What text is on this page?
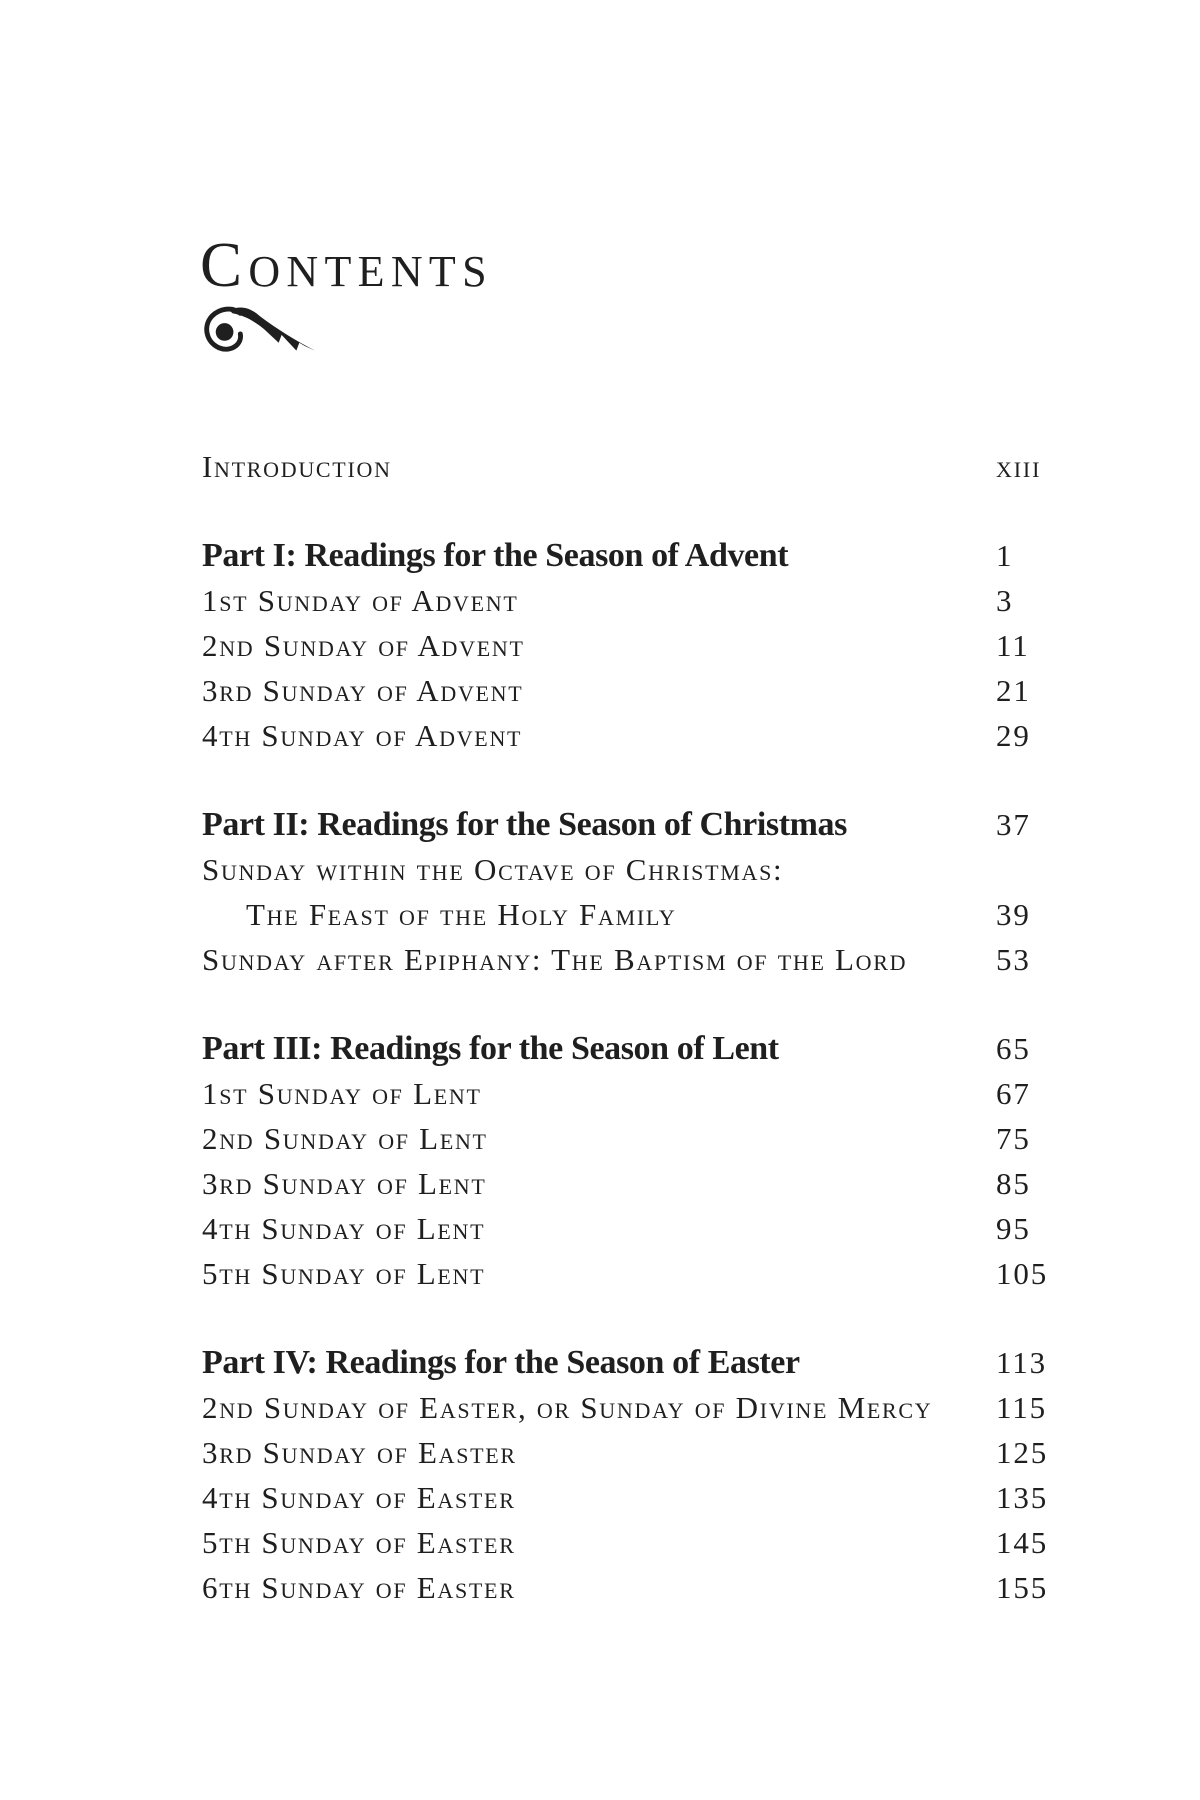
Contents
Introduction	xiii
Part I: Readings for the Season of Advent	1
1st Sunday of Advent	3
2nd Sunday of Advent	11
3rd Sunday of Advent	21
4th Sunday of Advent	29
Part II: Readings for the Season of Christmas	37
Sunday within the Octave of Christmas:
The Feast of the Holy Family	39
Sunday after Epiphany: The Baptism of the Lord	53
Part III: Readings for the Season of Lent	65
1st Sunday of Lent	67
2nd Sunday of Lent	75
3rd Sunday of Lent	85
4th Sunday of Lent	95
5th Sunday of Lent	105
Part IV: Readings for the Season of Easter	113
2nd Sunday of Easter, or Sunday of Divine Mercy 115
3rd Sunday of Easter	125
4th Sunday of Easter	135
5th Sunday of Easter	145
6th Sunday of Easter	155
